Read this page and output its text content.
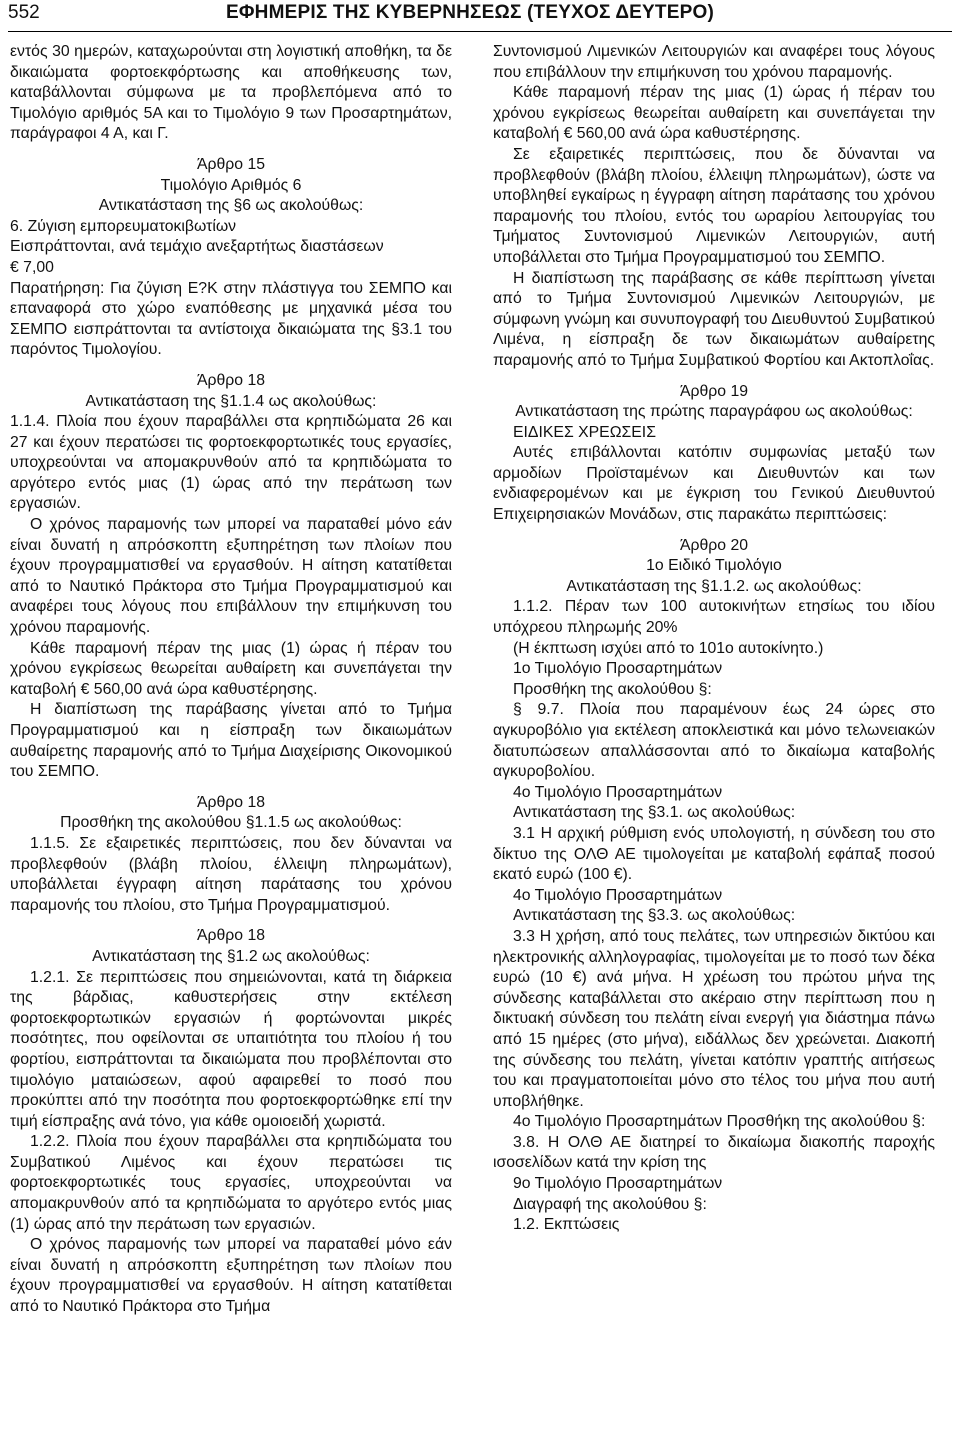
552	ΕΦΗΜΕΡΙΣ ΤΗΣ ΚΥΒΕΡΝΗΣΕΩΣ (ΤΕΥΧΟΣ ΔΕΥΤΕΡΟ)

εντός 30 ημερών, καταχωρούνται στη λογιστική αποθήκη, τα δε δικαιώματα φορτοεκφόρτωσης και αποθήκευσης των, καταβάλλονται σύμφωνα με τα προβλεπόμενα από το Τιμολόγιο αριθμός 5Α και το Τιμολόγιο 9 των Προσαρτημάτων, παράγραφοι 4 Α, και Γ.

Άρθρο 15

Τιμολόγιο Αριθμός 6

Αντικατάσταση της §6 ως ακολούθως:

6. Ζύγιση εμπορευματοκιβωτίων

Εισπράττονται, ανά τεμάχιο ανεξαρτήτως διαστάσεων

€ 7,00

Παρατήρηση: Για ζύγιση Ε?Κ στην πλάστιγγα του ΣΕΜΠΟ και επαναφορά στο χώρο εναπόθεσης με μηχανικά μέσα του ΣΕΜΠΟ εισπράττονται τα αντίστοιχα δικαιώματα της §3.1 του παρόντος Τιμολογίου.

Άρθρο 18

Αντικατάσταση της §1.1.4 ως ακολούθως:

1.1.4. Πλοία που έχουν παραβάλλει στα κρηπιδώματα 26 και 27 και έχουν περατώσει τις φορτοεκφορτωτικές τους εργασίες, υποχρεούνται να απομακρυνθούν από τα κρηπιδώματα το αργότερο εντός μιας (1) ώρας από την περάτωση των εργασιών.

Ο χρόνος παραμονής των μπορεί να παραταθεί μόνο εάν είναι δυνατή η απρόσκοπτη εξυπηρέτηση των πλοίων που έχουν προγραμματισθεί να εργασθούν. Η αίτηση κατατίθεται από το Ναυτικό Πράκτορα στο Τμήμα Προγραμματισμού και αναφέρει τους λόγους που επιβάλλουν την επιμήκυνση του χρόνου παραμονής.

Κάθε παραμονή πέραν της μιας (1) ώρας ή πέραν του χρόνου εγκρίσεως θεωρείται αυθαίρετη και συνεπάγεται την καταβολή € 560,00 ανά ώρα καθυστέρησης.

Η διαπίστωση της παράβασης γίνεται από το Τμήμα Προγραμματισμού και η είσπραξη των δικαιωμάτων αυθαίρετης παραμονής από το Τμήμα Διαχείρισης Οικονομικού του ΣΕΜΠΟ.

Άρθρο 18

Προσθήκη της ακολούθου §1.1.5 ως ακολούθως:

1.1.5. Σε εξαιρετικές περιπτώσεις, που δεν δύνανται να προβλεφθούν (βλάβη πλοίου, έλλειψη πληρωμάτων), υποβάλλεται έγγραφη αίτηση παράτασης του χρόνου παραμονής του πλοίου, στο Τμήμα Προγραμματισμού.

Άρθρο 18

Αντικατάσταση της §1.2 ως ακολούθως:

1.2.1. Σε περιπτώσεις που σημειώνονται, κατά τη διάρκεια της βάρδιας, καθυστερήσεις στην εκτέλεση φορτοεκφορτωτικών εργασιών ή φορτώνονται μικρές ποσότητες, που οφείλονται σε υπαιτιότητα του πλοίου ή του φορτίου, εισπράττονται τα δικαιώματα που προβλέπονται στο τιμολόγιο ματαιώσεων, αφού αφαιρεθεί το ποσό που προκύπτει από την ποσότητα που φορτοεκφορτώθηκε επί την τιμή είσπραξης ανά τόνο, για κάθε ομοιοειδή χωριστά.

1.2.2. Πλοία που έχουν παραβάλλει στα κρηπιδώματα του Συμβατικού Λιμένος και έχουν περατώσει τις φορτοεκφορτωτικές τους εργασίες, υποχρεούνται να απομακρυνθούν από τα κρηπιδώματα το αργότερο εντός μιας (1) ώρας από την περάτωση των εργασιών.

Ο χρόνος παραμονής των μπορεί να παραταθεί μόνο εάν είναι δυνατή η απρόσκοπτη εξυπηρέτηση των πλοίων που έχουν προγραμματισθεί να εργασθούν. Η αίτηση κατατίθεται από το Ναυτικό Πράκτορα στο Τμήμα

Συντονισμού Λιμενικών Λειτουργιών και αναφέρει τους λόγους που επιβάλλουν την επιμήκυνση του χρόνου παραμονής.

Κάθε παραμονή πέραν της μιας (1) ώρας ή πέραν του χρόνου εγκρίσεως θεωρείται αυθαίρετη και συνεπάγεται την καταβολή € 560,00 ανά ώρα καθυστέρησης.

Σε εξαιρετικές περιπτώσεις, που δε δύνανται να προβλεφθούν (βλάβη πλοίου, έλλειψη πληρωμάτων), ώστε να υποβληθεί εγκαίρως η έγγραφη αίτηση παράτασης του χρόνου παραμονής του πλοίου, εντός του ωραρίου λειτουργίας του Τμήματος Συντονισμού Λιμενικών Λειτουργιών, αυτή υποβάλλεται στο Τμήμα Προγραμματισμού του ΣΕΜΠΟ.

Η διαπίστωση της παράβασης σε κάθε περίπτωση γίνεται από το Τμήμα Συντονισμού Λιμενικών Λειτουργιών, με σύμφωνη γνώμη και συνυπογραφή του Διευθυντού Συμβατικού Λιμένα, η είσπραξη δε των δικαιωμάτων αυθαίρετης παραμονής από το Τμήμα Συμβατικού Φορτίου και Ακτοπλοΐας.

Άρθρο 19

Αντικατάσταση της πρώτης παραγράφου ως ακολούθως:

ΕΙΔΙΚΕΣ ΧΡΕΩΣΕΙΣ

Αυτές επιβάλλονται κατόπιν συμφωνίας μεταξύ των αρμοδίων Προϊσταμένων και Διευθυντών και των ενδιαφερομένων και με έγκριση του Γενικού Διευθυντού Επιχειρησιακών Μονάδων, στις παρακάτω περιπτώσεις:

Άρθρο 20

1ο Ειδικό Τιμολόγιο

Αντικατάσταση της §1.1.2. ως ακολούθως:

1.1.2. Πέραν των 100 αυτοκινήτων ετησίως του ιδίου υπόχρεου πληρωμής 20%

(Η έκπτωση ισχύει από το 101ο αυτοκίνητο.)

1ο Τιμολόγιο Προσαρτημάτων

Προσθήκη της ακολούθου §:

§ 9.7. Πλοία που παραμένουν έως 24 ώρες στο αγκυροβόλιο για εκτέλεση αποκλειστικά και μόνο τελωνειακών διατυπώσεων απαλλάσσονται από το δικαίωμα καταβολής αγκυροβολίου.

4ο Τιμολόγιο Προσαρτημάτων

Αντικατάσταση της §3.1. ως ακολούθως:

3.1 Η αρχική ρύθμιση ενός υπολογιστή, η σύνδεση του στο δίκτυο της ΟΛΘ ΑΕ τιμολογείται με καταβολή εφάπαξ ποσού εκατό ευρώ (100 €).

4ο Τιμολόγιο Προσαρτημάτων

Αντικατάσταση της §3.3. ως ακολούθως:

3.3 Η χρήση, από τους πελάτες, των υπηρεσιών δικτύου και ηλεκτρονικής αλληλογραφίας, τιμολογείται με το ποσό των δέκα ευρώ (10 €) ανά μήνα. Η χρέωση του πρώτου μήνα της σύνδεσης καταβάλλεται στο ακέραιο στην περίπτωση που η δικτυακή σύνδεση του πελάτη είναι ενεργή για διάστημα πάνω από 15 ημέρες (στο μήνα), ειδάλλως δεν χρεώνεται. Διακοπή της σύνδεσης του πελάτη, γίνεται κατόπιν γραπτής αιτήσεως του και πραγματοποιείται μόνο στο τέλος του μήνα που αυτή υποβλήθηκε.

4ο Τιμολόγιο Προσαρτημάτων Προσθήκη της ακολούθου §:

3.8. Η ΟΛΘ ΑΕ διατηρεί το δικαίωμα διακοπής παροχής ισοσελίδων κατά την κρίση της

9ο Τιμολόγιο Προσαρτημάτων

Διαγραφή της ακολούθου §:

1.2. Εκπτώσεις
